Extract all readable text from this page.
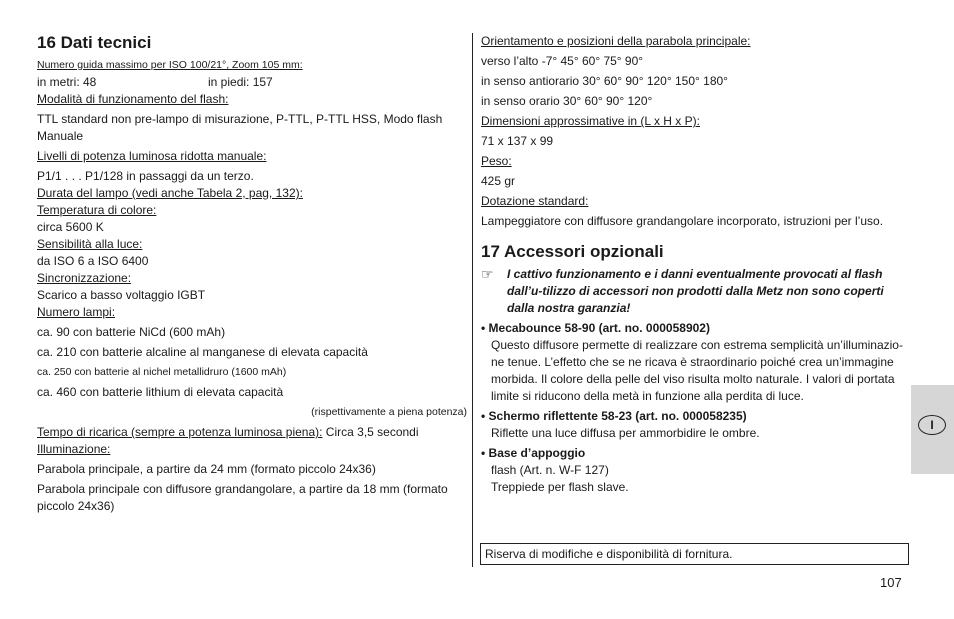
16 Dati tecnici

Numero guida massimo per ISO 100/21°, Zoom 105 mm:

in metri: 48	in piedi: 157

Modalità di funzionamento del flash:

TTL standard non pre-lampo di misurazione, P-TTL, P-TTL HSS, Modo flash Manuale

Livelli di potenza luminosa ridotta manuale:

P1/1 . . . P1/128 in passaggi da un terzo.

Durata del lampo (vedi anche Tabela 2, pag, 132):

Temperatura di colore:

circa 5600 K

Sensibilità alla luce:

da ISO 6 a ISO 6400

Sincronizzazione:

Scarico a basso voltaggio IGBT

Numero lampi:

ca. 90 con batterie NiCd (600 mAh)

ca. 210 con batterie alcaline al manganese di elevata capacità

ca. 250 con batterie al nichel metallidruro (1600 mAh)

ca. 460 con batterie lithium di elevata capacità

(rispettivamente a piena potenza)

Tempo di ricarica (sempre a potenza luminosa piena): Circa 3,5 secondi

Illuminazione:

Parabola principale, a partire da 24 mm (formato piccolo 24x36)

Parabola principale con diffusore grandangolare, a partire da 18 mm (formato piccolo 24x36)

Orientamento e posizioni della parabola principale:

verso l’alto -7° 45° 60° 75° 90°

in senso antiorario 30° 60° 90° 120° 150° 180°

in senso orario 30° 60° 90° 120°

Dimensioni approssimative in (L x H x P):

71 x 137 x 99

Peso:

425 gr

Dotazione standard:

Lampeggiatore con diffusore grandangolare incorporato, istruzioni per l’uso.

17 Accessori opzionali
☞	I cattivo funzionamento e i danni eventualmente provocati al flash dall’u-tilizzo di accessori non prodotti dalla Metz non sono coperti dalla nostra garanzia!
• Mecabounce 58-90 (art. no. 000058902)
Questo diffusore permette di realizzare con estrema semplicità un’illuminazio-ne tenue. L’effetto che se ne ricava è straordinario poiché crea un’immagine morbida. Il colore della pelle del viso risulta molto naturale. I valori di portata limite si riducono della metà in funzione alla perdita di luce.
• Schermo riflettente 58-23 (art. no. 000058235)
Riflette una luce diffusa per ammorbidire le ombre.
• Base d’appoggio
flash (Art. n. W-F 127)
Treppiede per flash slave.
Riserva di modifiche e disponibilità di fornitura.
I
107
